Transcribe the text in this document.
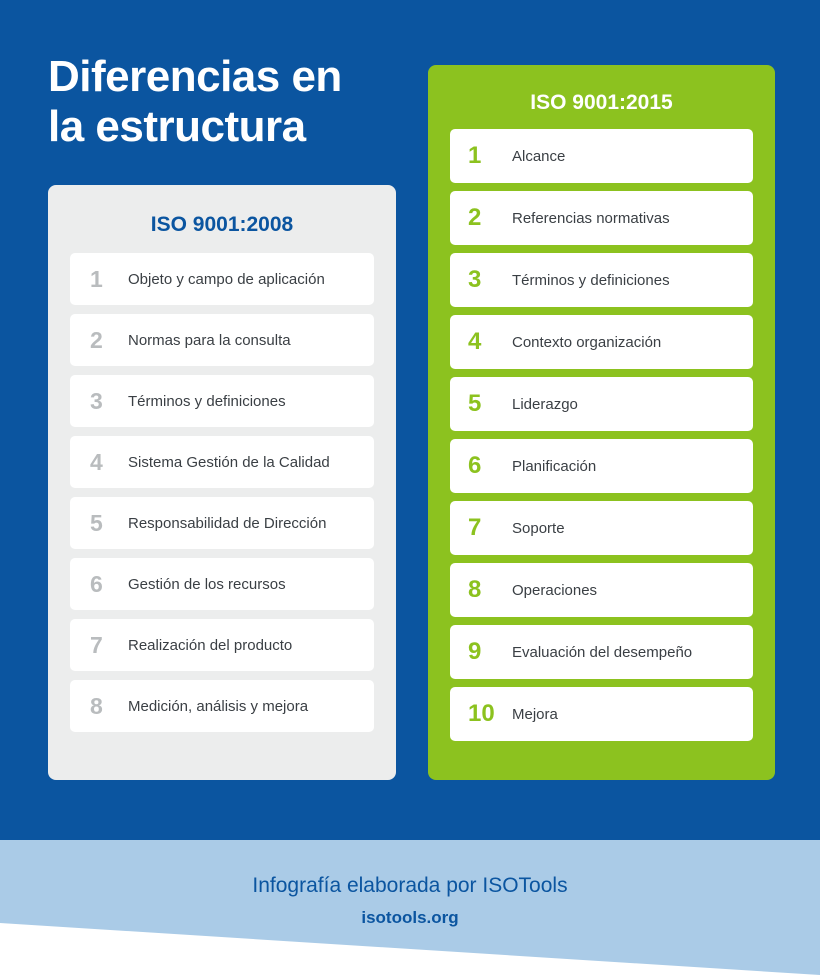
Diferencias en
la estructura
ISO 9001:2008
1	Objeto y campo de aplicación
2	Normas para la consulta
3	Términos y definiciones
4	Sistema Gestión de la Calidad
5	Responsabilidad de Dirección
6	Gestión de los recursos
7	Realización del producto
8	Medición, análisis y mejora
ISO 9001:2015
1	Alcance
2	Referencias normativas
3	Términos y definiciones
4	Contexto organización
5	Liderazgo
6	Planificación
7	Soporte
8	Operaciones
9	Evaluación del desempeño
10	Mejora
Infografía elaborada por ISOTools
isotools.org
